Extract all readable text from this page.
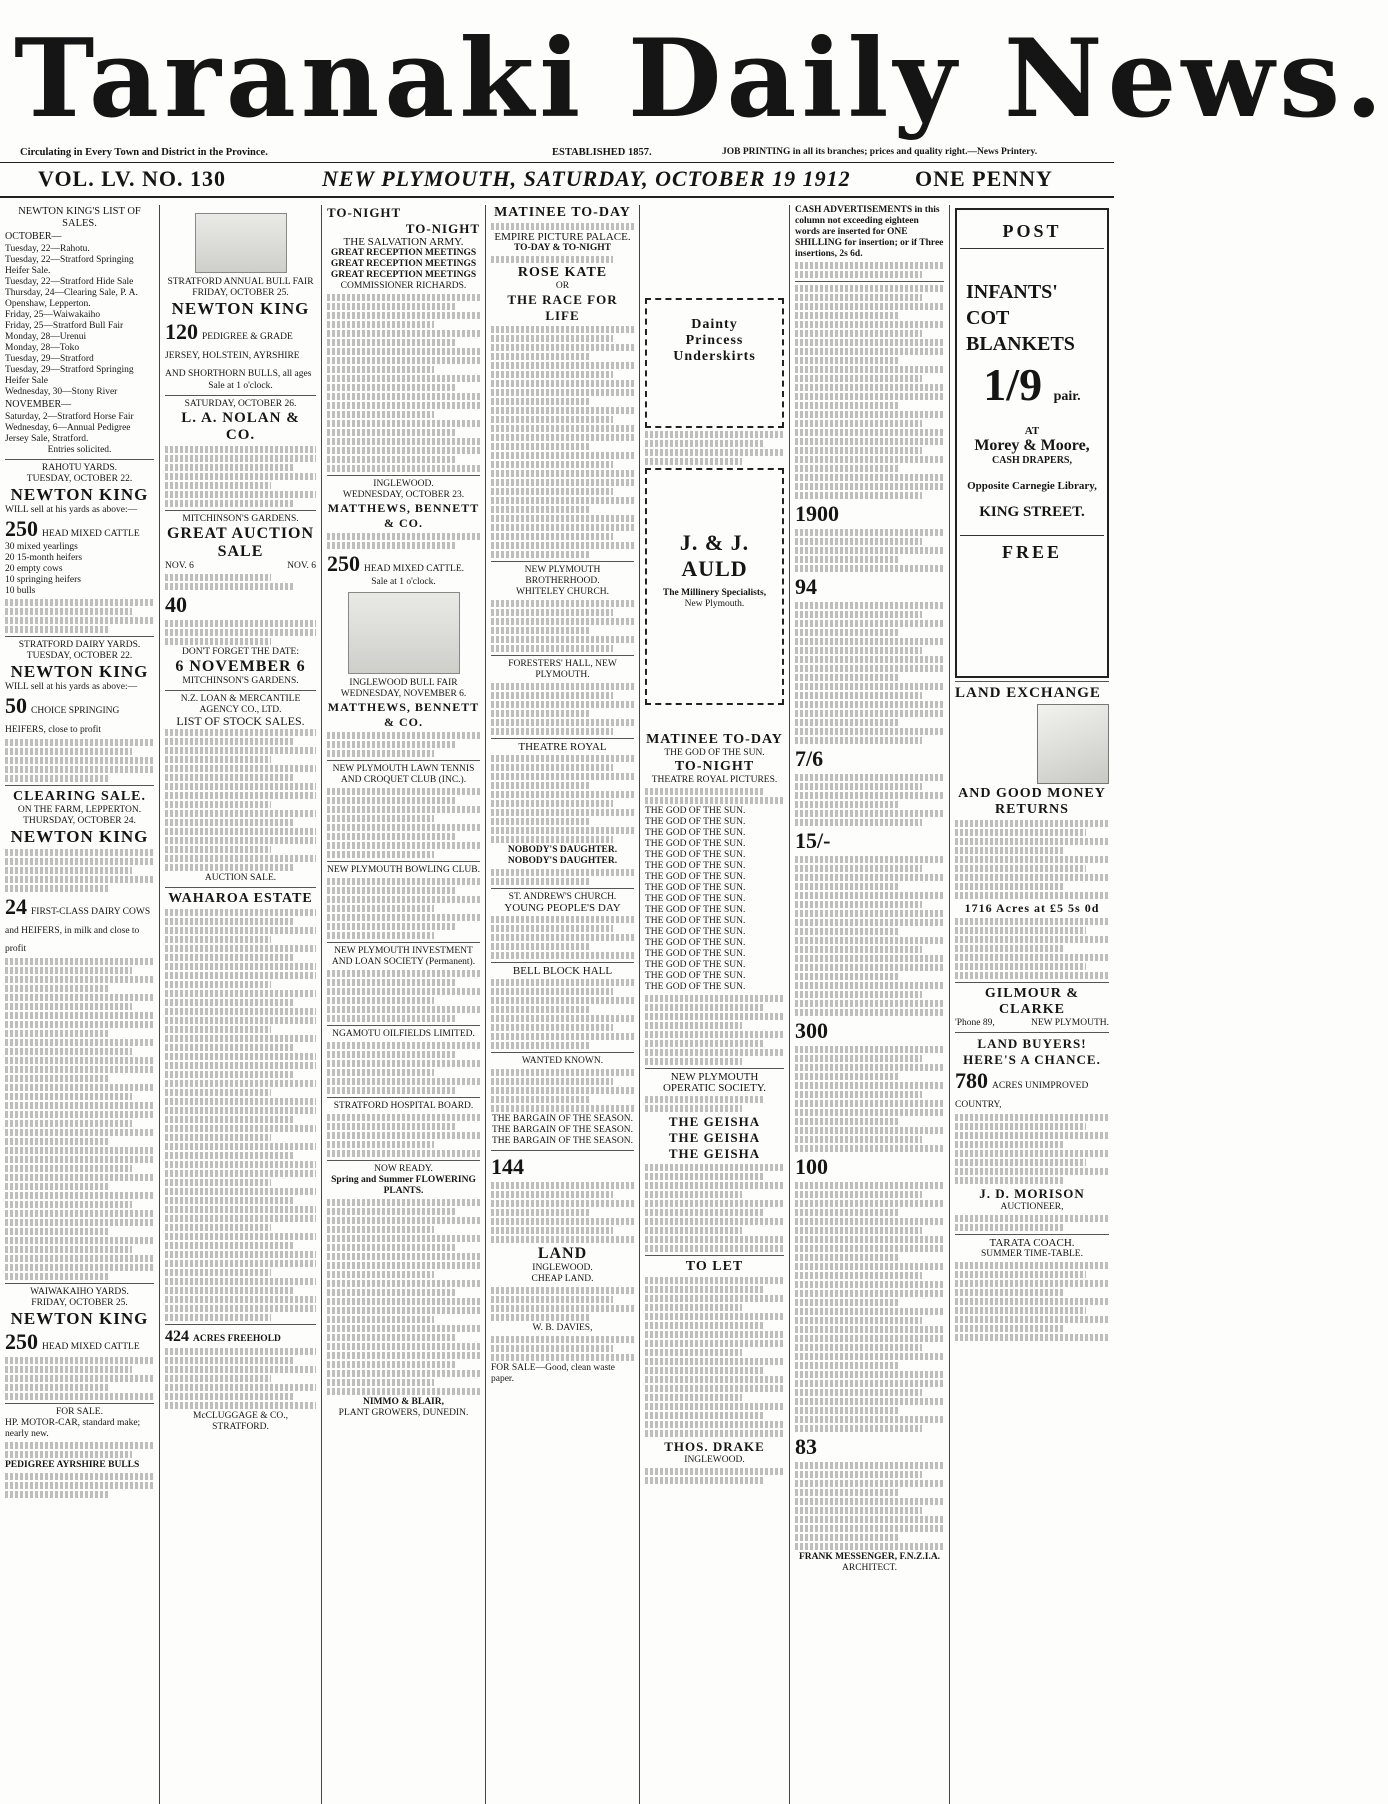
Taranaki Daily News.
Circulating in Every Town and District in the Province.	ESTABLISHED 1857.	JOB PRINTING in all its branches; prices and quality right.—News Printery.
VOL. LV. NO. 130	NEW PLYMOUTH, SATURDAY, OCTOBER 19 1912	ONE PENNY
NEWTON KING'S LIST OF SALES.
OCTOBER—
Tuesday, 22—Rahotu.
Tuesday, 22—Stratford Springing Heifer Sale.
Tuesday, 22—Stratford Hide Sale
Thursday, 24—Clearing Sale, P. A. Openshaw, Lepperton.
Friday, 25—Waiwakaiho
Friday, 25—Stratford Bull Fair
Monday, 28—Urenui
Monday, 28—Toko
Tuesday, 29—Stratford
Tuesday, 29—Stratford Springing Heifer Sale
Wednesday, 30—Stony River
NOVEMBER—
Saturday, 2—Stratford Horse Fair
Wednesday, 6—Annual Pedigree Jersey Sale, Stratford.
Entries solicited.
RAHOTU YARDS.
TUESDAY, OCTOBER 22.
NEWTON KING
WILL sell at his yards as above:—
250 HEAD MIXED CATTLE
30 mixed yearlings
20 15-month heifers
20 empty cows
10 springing heifers
10 bulls
STRATFORD DAIRY YARDS.
TUESDAY, OCTOBER 22.
NEWTON KING
WILL sell at his yards as above:—
50 CHOICE SPRINGING HEIFERS, close to profit
CLEARING SALE.
ON THE FARM, LEPPERTON.
THURSDAY, OCTOBER 24.
NEWTON KING
24 FIRST-CLASS DAIRY COWS and HEIFERS, in milk and close to profit
WAIWAKAIHO YARDS.
FRIDAY, OCTOBER 25.
NEWTON KING
250 HEAD MIXED CATTLE
FOR SALE.
HP. MOTOR-CAR, standard make; nearly new.
PEDIGREE AYRSHIRE BULLS
STRATFORD ANNUAL BULL FAIR
FRIDAY, OCTOBER 25.
NEWTON KING
120 PEDIGREE & GRADE JERSEY, HOLSTEIN, AYRSHIRE AND SHORTHORN BULLS, all ages
Sale at 1 o'clock.
SATURDAY, OCTOBER 26.
L. A. NOLAN & CO.
MITCHINSON'S GARDENS.
GREAT AUCTION SALE
NOV. 6	NOV. 6
40
DON'T FORGET THE DATE:
6 NOVEMBER 6
MITCHINSON'S GARDENS.
N.Z. LOAN & MERCANTILE AGENCY CO., LTD.
LIST OF STOCK SALES.
AUCTION SALE.
WAHAROA ESTATE
424 ACRES FREEHOLD
McCLUGGAGE & CO.,
STRATFORD.
TO-NIGHT
TO-NIGHT
THE SALVATION ARMY.
GREAT RECEPTION MEETINGS
GREAT RECEPTION MEETINGS
GREAT RECEPTION MEETINGS
COMMISSIONER RICHARDS.
INGLEWOOD.
WEDNESDAY, OCTOBER 23.
MATTHEWS, BENNETT & CO.
250 HEAD MIXED CATTLE.
Sale at 1 o'clock.
INGLEWOOD BULL FAIR
WEDNESDAY, NOVEMBER 6.
MATTHEWS, BENNETT & CO.
NEW PLYMOUTH LAWN TENNIS AND CROQUET CLUB (INC.).
NEW PLYMOUTH BOWLING CLUB.
NEW PLYMOUTH INVESTMENT AND LOAN SOCIETY (Permanent).
NGAMOTU OILFIELDS LIMITED.
STRATFORD HOSPITAL BOARD.
NOW READY.
Spring and Summer FLOWERING PLANTS.
NIMMO & BLAIR,
PLANT GROWERS, DUNEDIN.
MATINEE TO-DAY
EMPIRE PICTURE PALACE.
TO-DAY & TO-NIGHT
ROSE KATE
OR
THE RACE FOR LIFE
NEW PLYMOUTH BROTHERHOOD.
WHITELEY CHURCH.
FORESTERS' HALL, NEW PLYMOUTH.
THEATRE ROYAL
NOBODY'S DAUGHTER.
NOBODY'S DAUGHTER.
ST. ANDREW'S CHURCH.
YOUNG PEOPLE'S DAY
BELL BLOCK HALL
WANTED KNOWN.
THE BARGAIN OF THE SEASON.
THE BARGAIN OF THE SEASON.
THE BARGAIN OF THE SEASON.
144
LAND
INGLEWOOD.
CHEAP LAND.
W. B. DAVIES,
FOR SALE—Good, clean waste paper.
Dainty
Princess
Underskirts
J. & J. AULD
The Millinery Specialists,
New Plymouth.
MATINEE TO-DAY
THE GOD OF THE SUN.
TO-NIGHT
THEATRE ROYAL PICTURES.
THE GOD OF THE SUN.
THE GOD OF THE SUN.
THE GOD OF THE SUN.
THE GOD OF THE SUN.
THE GOD OF THE SUN.
THE GOD OF THE SUN.
THE GOD OF THE SUN.
THE GOD OF THE SUN.
THE GOD OF THE SUN.
THE GOD OF THE SUN.
THE GOD OF THE SUN.
THE GOD OF THE SUN.
THE GOD OF THE SUN.
THE GOD OF THE SUN.
THE GOD OF THE SUN.
THE GOD OF THE SUN.
THE GOD OF THE SUN.
NEW PLYMOUTH OPERATIC SOCIETY.
THE GEISHA
THE GEISHA
THE GEISHA
TO LET
THOS. DRAKE
INGLEWOOD.
CASH ADVERTISEMENTS in this column not exceeding eighteen words are inserted for ONE SHILLING for insertion; or if Three insertions, 2s 6d.
1900
94
7/6
15/-
300
100
83
FRANK MESSENGER, F.N.Z.I.A.
ARCHITECT.
POST
INFANTS' COT BLANKETS
1/9 pair.
AT
Morey & Moore,
CASH DRAPERS,
Opposite Carnegie Library,
KING STREET.
FREE
LAND EXCHANGE
AND GOOD MONEY RETURNS
1716 Acres at £5 5s 0d
GILMOUR & CLARKE
'Phone 89,	NEW PLYMOUTH.
LAND BUYERS! HERE'S A CHANCE.
780 ACRES UNIMPROVED COUNTRY,
J. D. MORISON
AUCTIONEER,
TARATA COACH.
SUMMER TIME-TABLE.
